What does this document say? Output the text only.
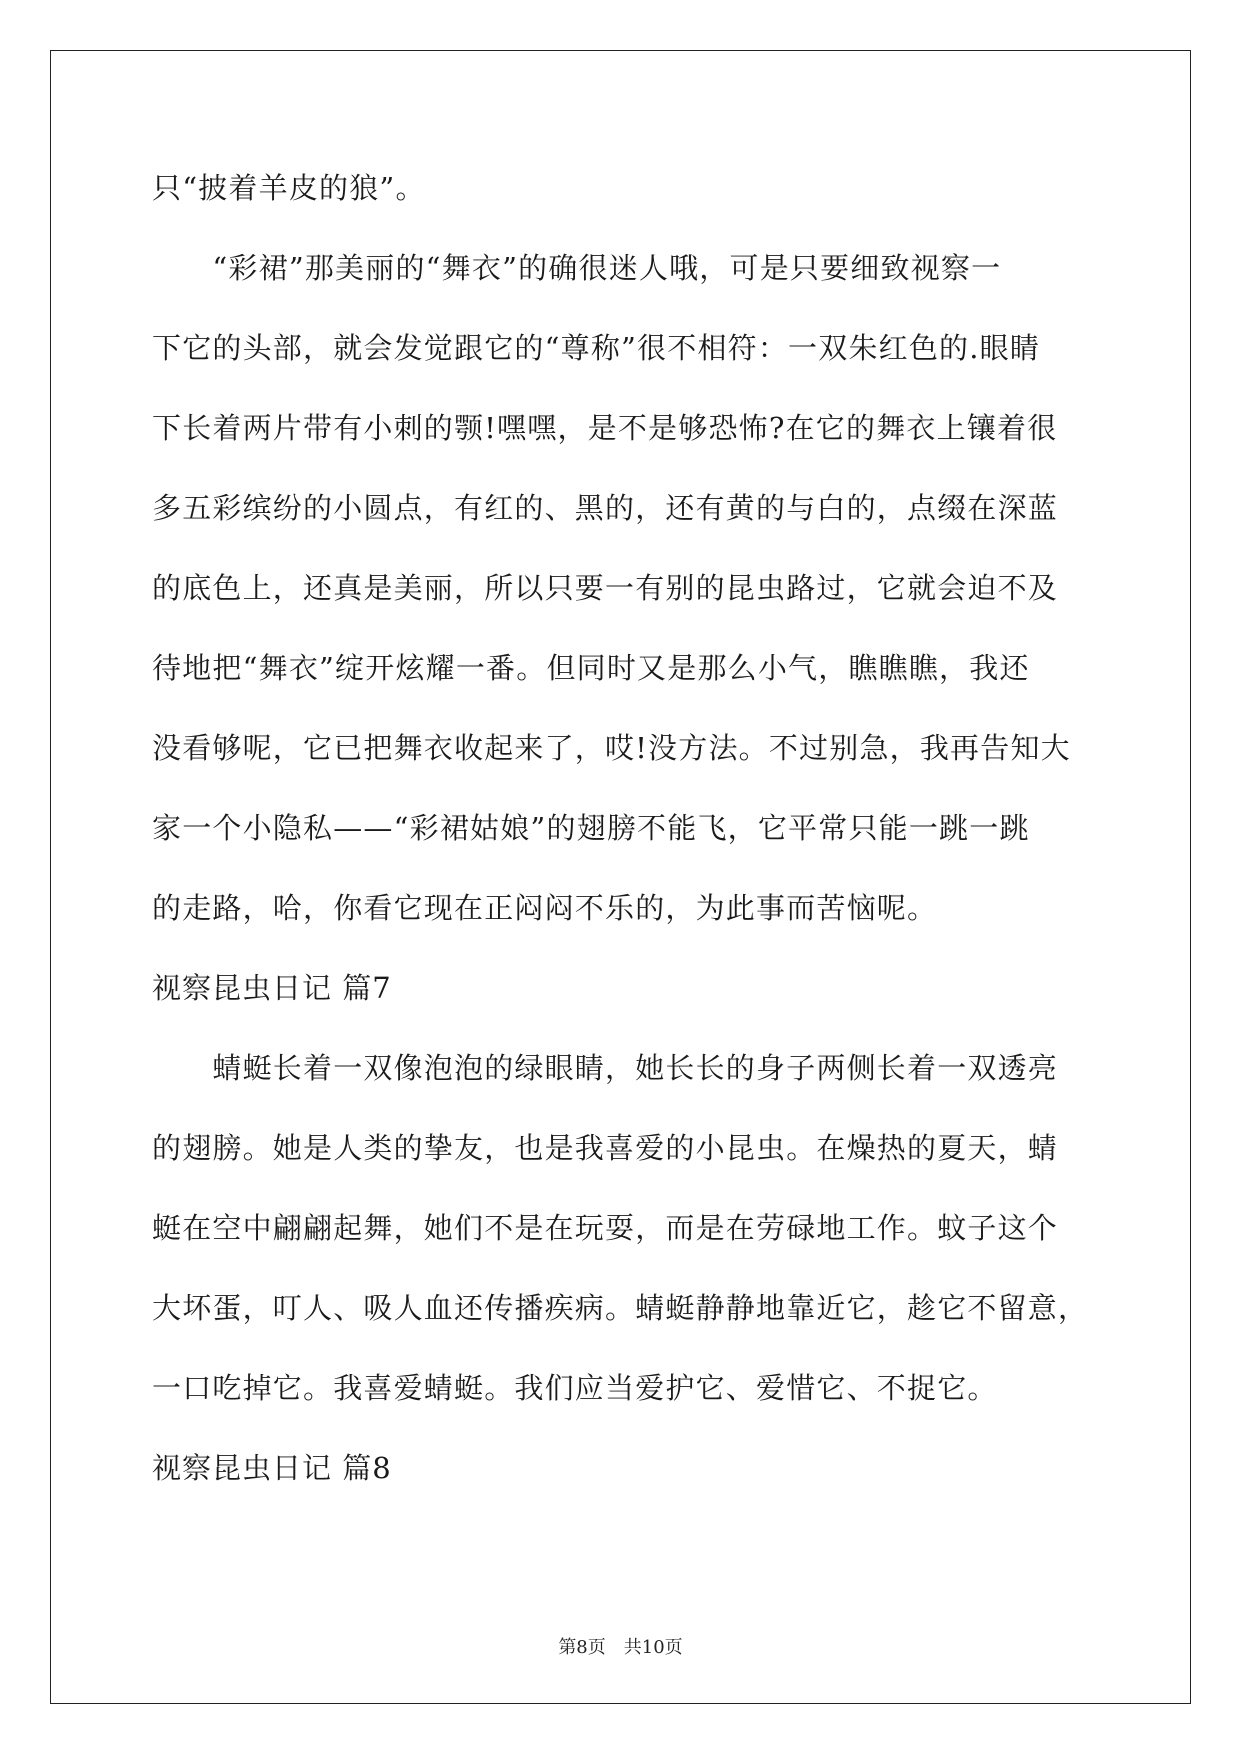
只“披着羊皮的狼”。
　　“彩裙”那美丽的“舞衣”的确很迷人哦，可是只要细致视察一
下它的头部，就会发觉跟它的“尊称”很不相符：一双朱红色的.眼睛
下长着两片带有小刺的颚!嘿嘿，是不是够恐怖?在它的舞衣上镶着很
多五彩缤纷的小圆点，有红的、黑的，还有黄的与白的，点缀在深蓝
的底色上，还真是美丽，所以只要一有别的昆虫路过，它就会迫不及
待地把“舞衣”绽开炫耀一番。但同时又是那么小气，瞧瞧瞧，我还
没看够呢，它已把舞衣收起来了，哎!没方法。不过别急，我再告知大
家一个小隐私——“彩裙姑娘”的翅膀不能飞，它平常只能一跳一跳
的走路，哈，你看它现在正闷闷不乐的，为此事而苦恼呢。
视察昆虫日记 篇7
　　蜻蜓长着一双像泡泡的绿眼睛，她长长的身子两侧长着一双透亮
的翅膀。她是人类的挚友，也是我喜爱的小昆虫。在燥热的夏天，蜻
蜓在空中翩翩起舞，她们不是在玩耍，而是在劳碌地工作。蚊子这个
大坏蛋，叮人、吸人血还传播疾病。蜻蜓静静地靠近它，趁它不留意，
一口吃掉它。我喜爱蜻蜓。我们应当爱护它、爱惜它、不捉它。
视察昆虫日记 篇8
第8页　共10页
